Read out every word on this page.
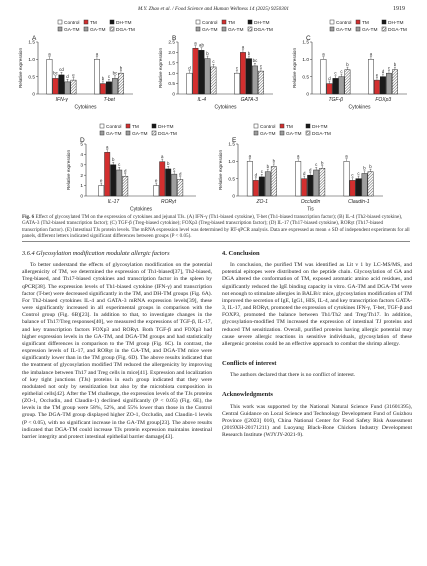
M.Y. Zhao et al. / Food Science and Human Wellness 14 (2025) 9250301	1919
Control TM	DH-TM
GA-TM GA-TM DGA-TM
A
0
0.5
1.0
1.5
Relative expression	a
bc
cd
d e
IFN-γ
a
b c
bc
b
T-bet
Cytokines
Control TM	DH-TM
GA-TM GA-TM DGA-TM
B
0
0.5
1.0
1.5
2.0
2.5
Relative expression	d
a ab
b
c
IL-4
c
a
b
bc
c
GATA-3
Cytokines
Control TM	DH-TM
GA-TM GA-TM DGA-TM
C
0
0.5
1.0
1.5
Relative expression	a
d
c c
b
TGF-β
a
e
d
c
b
FOXp3
Cytokines
Control TM	DH-TM
GA-TM GA-TM DGA-TM
D
0
1
2
3
4
5
Relative expression	e
a
b
c
d
IL-17
e
a
b
c
d
RORγt
Cytokines
Control TM	DH-TM
GA-TM GA-TM DGA-TM
E
0
0.5
1.0
1.5
Relative expression	a
d
c
b
b
ZO-1
a
d
d
c b
Occludin
a
c c
b b
Claudin-1
Tis
Fig. 6 Effect of glycosylated TM on the expression of cytokines and jejunal TJs. (A) IFN-γ (Th1-biased cytokine), T-bet (Th1-biased transcription factor); (B) IL-4 (Th2-biased cytokine), GATA-3 (Th2-biased transcription factor); (C) TGF-β (Treg-biased cytokine); FOXp3 (Treg-biased transcription factor); (D) IL-17 (Th17-biased cytokine), RORγt (Th17-biased transcription factor). (E) Intestinal TJs protein levels. The mRNA expression level was determined by RT-qPCR analysis. Data are expressed as mean ± SD of independent experiments for all panels, different letters indicated significant differences between groups (P < 0.05).
3.6.4 Glycosylation modification modulate allergic factors

To better understand the effects of glycosylation modification on the potential allergenicity of TM, we determined the expression of Th1-biased[37], Th2-biased, Treg-biased, and Th17-biased cytokines and transcription factor in the spleen by qPCR[38]. The expression levels of Th1-biased cytokine (IFN-γ) and transcription factor (T-bet) were decreased significantly in the TM, and DH-TM groups (Fig. 6A). For Th2-biased cytokines IL-4 and GATA-3 mRNA expression levels[39], these were significantly increased in all experimental groups in comparison with the Control group (Fig. 6B)[23]. In addition to that, to investigate changes in the balance of Th17/Treg responses[40], we measured the expressions of TGF-β, IL-17, and key transcription factors FOXp3 and RORγt. Both TGF-β and FOXp3 had higher expression levels in the GA-TM, and DGA-TM groups and had statistically significant differences in comparison to the TM group (Fig. 6C). In contrast, the expression levels of IL-17, and RORγt in the GA-TM, and DGA-TM mice were significantly lower than in the TM group (Fig. 6D). The above results indicated that the treatment of glycosylation modified TM reduced the allergenicity by improving the imbalance between Th17 and Treg cells in mice[41]. Expression and localization of key tight junctions (TJs) proteins in each group indicated that they were modulated not only by sensitization but also by the microbiota composition in epithelial cells[42]. After the TM challenge, the expression levels of the TJs proteins (ZO-1, Occludin, and Claudin-1) declined significantly (P < 0.05) (Fig. 6E), the levels in the TM group were 58%, 52%, and 55% lower than those in the Control group. The DGA-TM group displayed higher ZO-1, Occludin, and Claudin-1 levels (P < 0.05), with no significant increase in the GA-TM group[23]. The above results indicated that DGA-TM could increase TJs protein expression maintains intestinal barrier integrity and protect intestinal epithelial barrier damage[43].

4. Conclusion

In conclusion, the purified TM was identified as Lit v 1 by LC-MS/MS, and potential epitopes were distributed on the peptide chain. Glycosylation of GA and DGA altered the conformation of TM, exposed aromatic amino acid residues, and significantly reduced the IgE binding capacity in vitro. GA-TM and DGA-TM were not enough to stimulate allergies in BALB/c mice, glycosylation modification of TM improved the secretion of IgE, IgG1, HIS, IL-4, and key transcription factors GATA-3, IL-17, and RORγt, promoted the expression of cytokines IFN-γ, T-bet, TGF-β and FOXP3, promoted the balance between Th1/Th2 and Treg/Th17. In addition, glycosylation-modified TM increased the expression of intestinal TJ proteins and reduced TM sensitization. Overall, purified proteins having allergic potential may cause severe allergic reactions in sensitive individuals, glycosylation of these allergenic proteins could be an effective approach to combat the shrimp allergy.

Conflicts of interest

The authors declared that there is no conflict of interest.

Acknowledgments

This work was supported by the National Natural Science Fund (31601395), Central Guidance on Local Science and Technology Development Fund of Guizhou Province ([2023] 016), China National Center for Food Safety Risk Assessment (2019XH-20171211) and Luoyang Black-Bone Chicken Industry Development Research Institute (WJYJY-2021-9).
